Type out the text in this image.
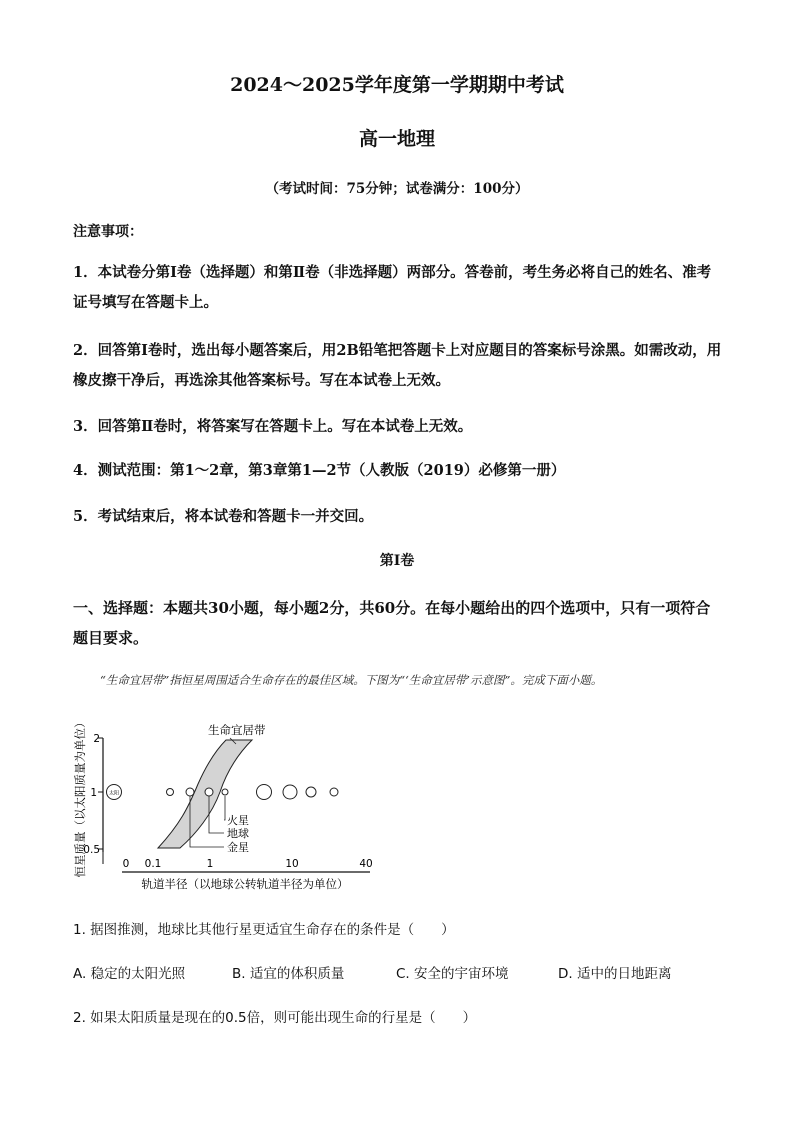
2024～2025学年度第一学期期中考试
高一地理
（考试时间：75分钟；试卷满分：100分）
注意事项：
1．本试卷分第Ⅰ卷（选择题）和第Ⅱ卷（非选择题）两部分。答卷前，考生务必将自己的姓名、准考证号填写在答题卡上。
2．回答第Ⅰ卷时，选出每小题答案后，用2B铅笔把答题卡上对应题目的答案标号涂黑。如需改动，用橡皮擦干净后，再选涂其他答案标号。写在本试卷上无效。
3．回答第Ⅱ卷时，将答案写在答题卡上。写在本试卷上无效。
4．测试范围：第1～2章，第3章第1—2节（人教版（2019）必修第一册）
5．考试结束后，将本试卷和答题卡一并交回。
第Ⅰ卷
一、选择题：本题共30小题，每小题2分，共60分。在每小题给出的四个选项中，只有一项符合题目要求。
“生命宜居带”指恒星周围适合生命存在的最佳区域。下图为“‘生命宜居带’示意图”。完成下面小题。
恒星质量（以太阳质量为单位） 2
1
0.5
0 0.1	1	10	40
轨道半径（以地球公转轨道半径为单位）
生命宜居带
太阳
火星
地球
金星
1. 据图推测，地球比其他行星更适宜生命存在的条件是（　　）
A. 稳定的太阳光照	B. 适宜的体积质量	C. 安全的宇宙环境	D. 适中的日地距离
2. 如果太阳质量是现在的0.5倍，则可能出现生命的行星是（　　）
